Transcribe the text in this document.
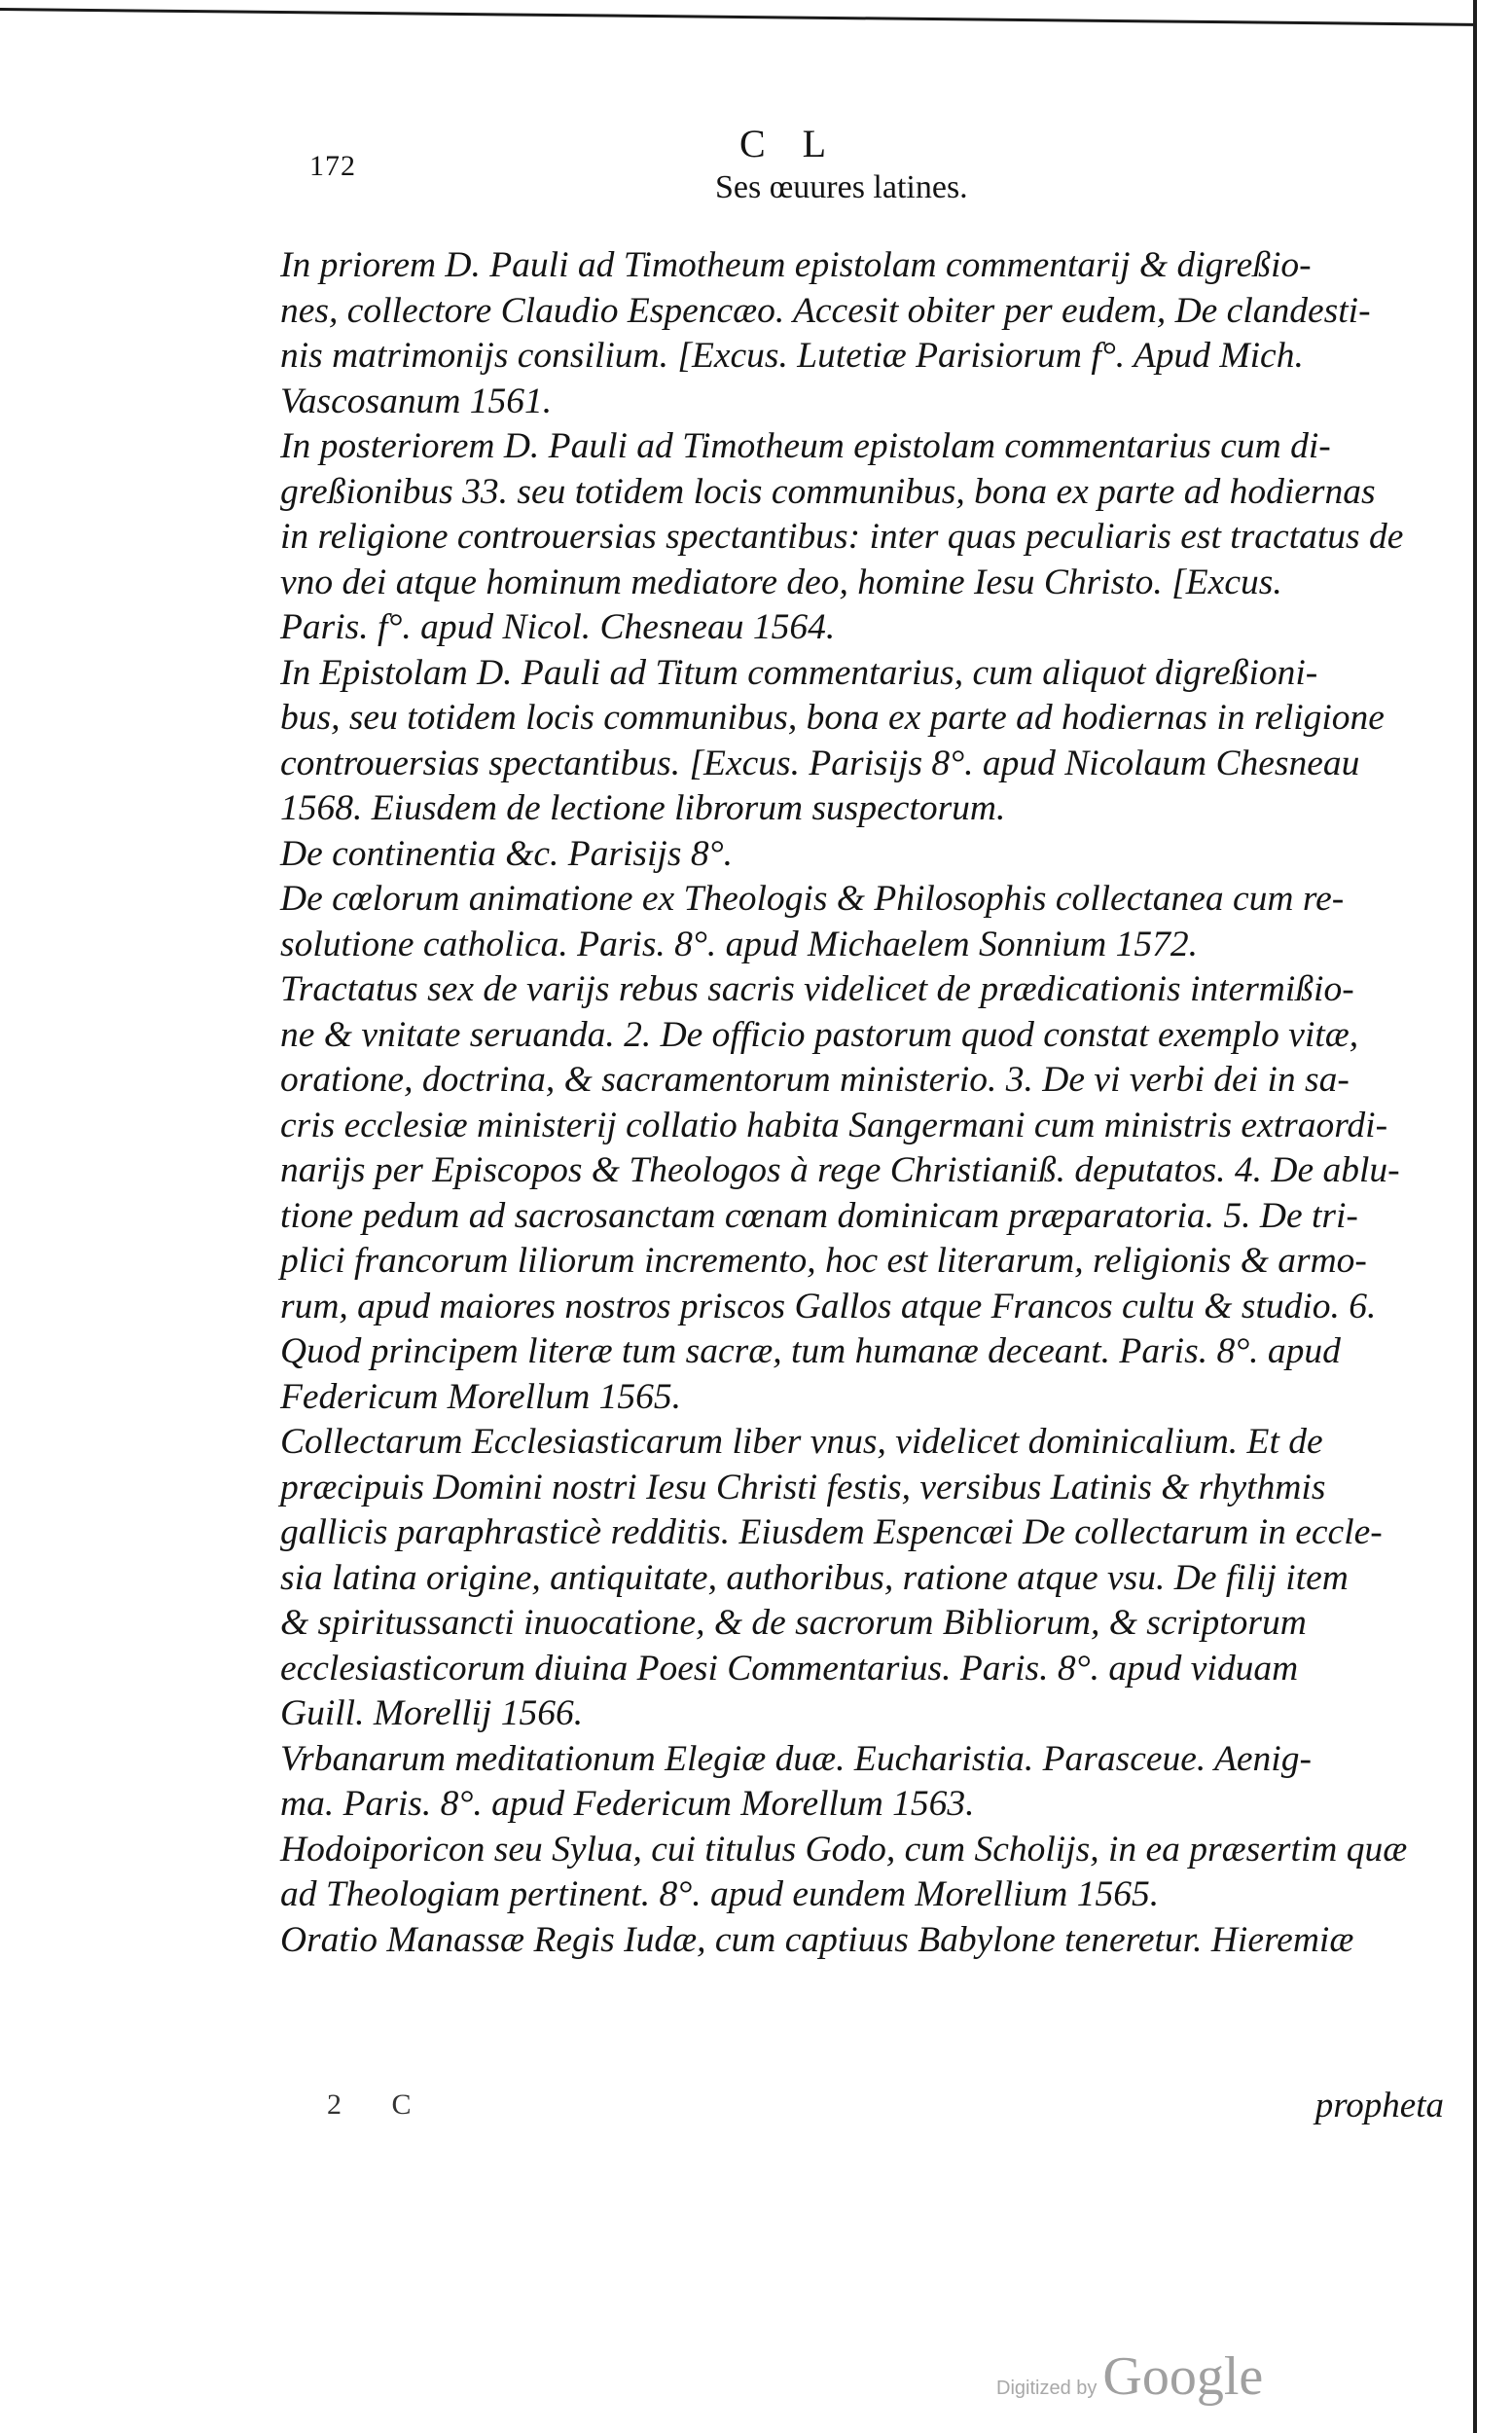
172
C L
Ses œuures latines.

In priorem D. Pauli ad Timotheum epistolam commentarij & digreßio-
nes, collectore Claudio Espencæo. Accesit obiter per eudem, De clandesti-
nis matrimonijs consilium. [Excus. Lutetiæ Parisiorum f°. Apud Mich.
Vascosanum 1561.

In posteriorem D. Pauli ad Timotheum epistolam commentarius cum di-
greßionibus 33. seu totidem locis communibus, bona ex parte ad hodiernas
in religione controuersias spectantibus: inter quas peculiaris est tractatus de
vno dei atque hominum mediatore deo, homine Iesu Christo. [Excus.
Paris. f°. apud Nicol. Chesneau 1564.

In Epistolam D. Pauli ad Titum commentarius, cum aliquot digreßioni-
bus, seu totidem locis communibus, bona ex parte ad hodiernas in religione
controuersias spectantibus. [Excus. Parisijs 8°. apud Nicolaum Chesneau
1568. Eiusdem de lectione librorum suspectorum.

De continentia &c. Parisijs 8°.

De cœlorum animatione ex Theologis & Philosophis collectanea cum re-
solutione catholica. Paris. 8°. apud Michaelem Sonnium 1572.

Tractatus sex de varijs rebus sacris videlicet de prædicationis intermißio-
ne & vnitate seruanda. 2. De officio pastorum quod constat exemplo vitæ,
oratione, doctrina, & sacramentorum ministerio. 3. De vi verbi dei in sa-
cris ecclesiæ ministerij collatio habita Sangermani cum ministris extraordi-
narijs per Episcopos & Theologos à rege Christianiß. deputatos. 4. De ablu-
tione pedum ad sacrosanctam cœnam dominicam præparatoria. 5. De tri-
plici francorum liliorum incremento, hoc est literarum, religionis & armo-
rum, apud maiores nostros priscos Gallos atque Francos cultu & studio. 6.
Quod principem literæ tum sacræ, tum humanæ deceant. Paris. 8°. apud
Federicum Morellum 1565.

Collectarum Ecclesiasticarum liber vnus, videlicet dominicalium. Et de
præcipuis Domini nostri Iesu Christi festis, versibus Latinis & rhythmis
gallicis paraphrasticè redditis. Eiusdem Espencæi De collectarum in eccle-
sia latina origine, antiquitate, authoribus, ratione atque vsu. De filij item
& spiritussancti inuocatione, & de sacrorum Bibliorum, & scriptorum
ecclesiasticorum diuina Poesi Commentarius. Paris. 8°. apud viduam
Guill. Morellij 1566.

Vrbanarum meditationum Elegiæ duæ. Eucharistia. Parasceue. Aenig-
ma. Paris. 8°. apud Federicum Morellum 1563.

Hodoiporicon seu Sylua, cui titulus Godo, cum Scholijs, in ea præsertim quæ
ad Theologiam pertinent. 8°. apud eundem Morellium 1565.

Oratio Manassæ Regis Iudæ, cum captiuus Babylone teneretur. Hieremiæ

2 C	propheta
Digitized by Google
